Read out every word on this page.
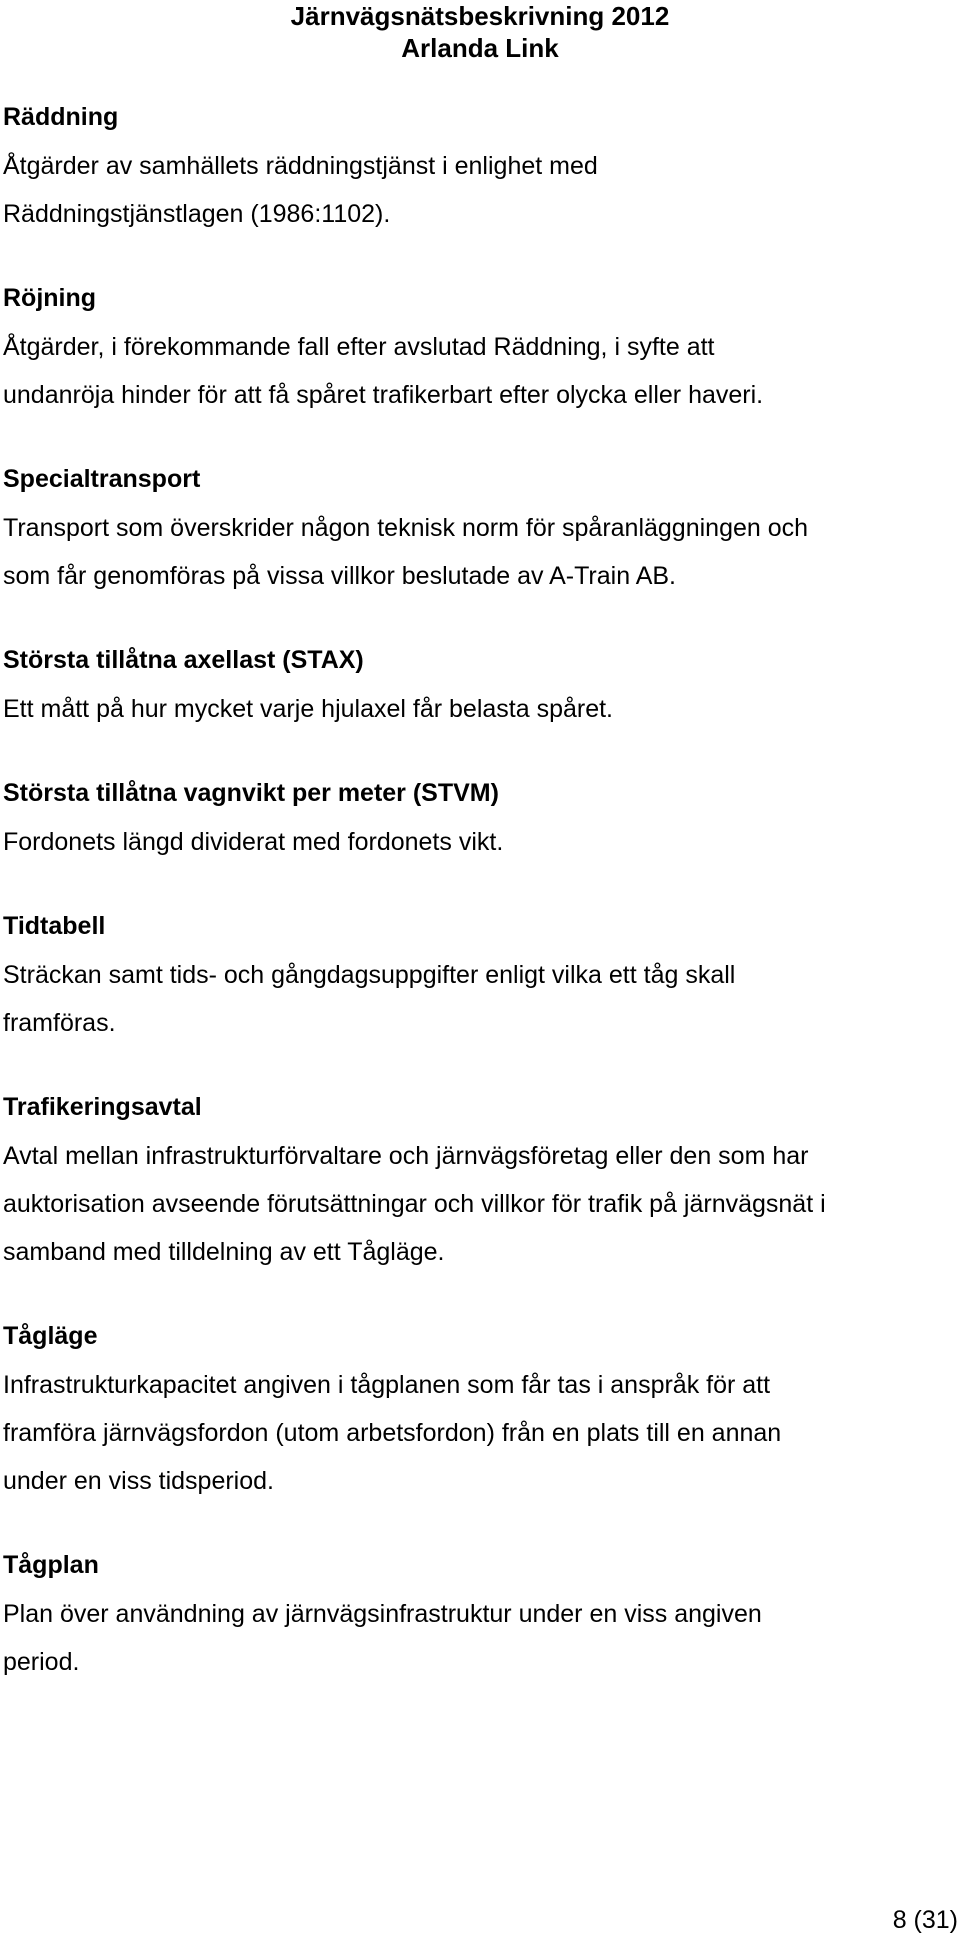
Järnvägsnätsbeskrivning 2012
Arlanda Link
Räddning
Åtgärder av samhällets räddningstjänst i enlighet med
Räddningstjänstlagen (1986:1102).
Röjning
Åtgärder, i förekommande fall efter avslutad Räddning, i syfte att
undanröja hinder för att få spåret trafikerbart efter olycka eller haveri.
Specialtransport
Transport som överskrider någon teknisk norm för spåranläggningen och
som får genomföras på vissa villkor beslutade av A-Train AB.
Största tillåtna axellast (STAX)
Ett mått på hur mycket varje hjulaxel får belasta spåret.
Största tillåtna vagnvikt per meter (STVM)
Fordonets längd dividerat med fordonets vikt.
Tidtabell
Sträckan samt tids- och gångdagsuppgifter enligt vilka ett tåg skall
framföras.
Trafikeringsavtal
Avtal mellan infrastrukturförvaltare och järnvägsföretag eller den som har
auktorisation avseende förutsättningar och villkor för trafik på järnvägsnät i
samband med tilldelning av ett Tågläge.
Tågläge
Infrastrukturkapacitet angiven i tågplanen som får tas i anspråk för att
framföra järnvägsfordon (utom arbetsfordon) från en plats till en annan
under en viss tidsperiod.
Tågplan
Plan över användning av järnvägsinfrastruktur under en viss angiven
period.
8 (31)
